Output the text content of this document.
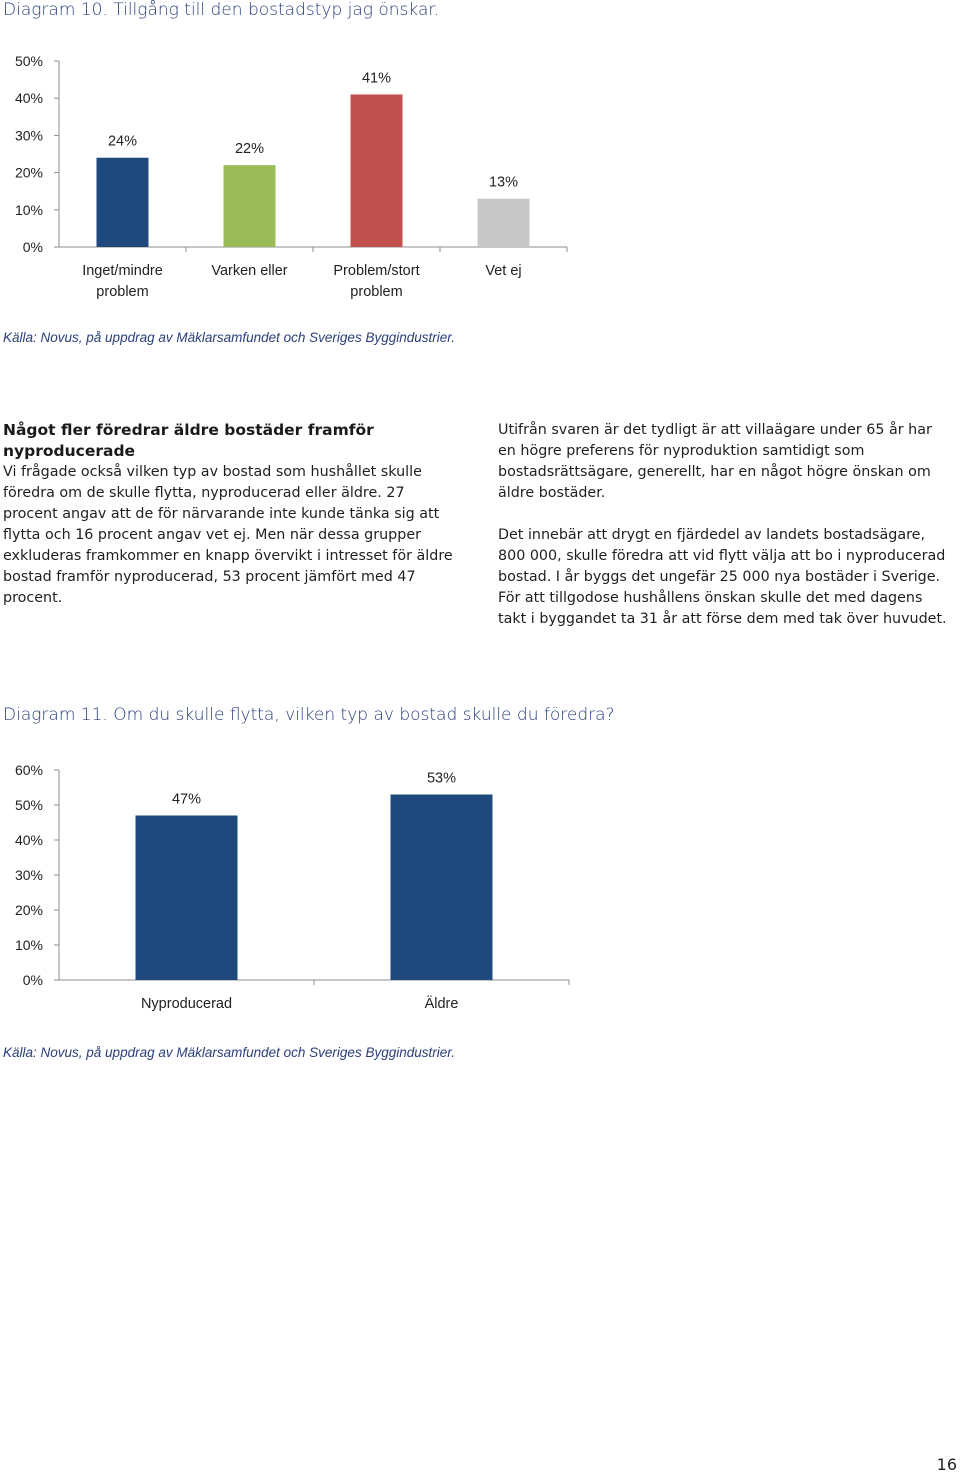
Diagram 10. Tillgång till den bostadstyp jag önskar.
0%
10%
20%
30%
40%
50%
24%
Inget/mindre
problem
22%
Varken eller
41%
Problem/stort
problem
13%
Vet ej

Källa: Novus, på uppdrag av Mäklarsamfundet och Sveriges Byggindustrier.

Något fler föredrar äldre bostäder framför nyproducerade

Vi frågade också vilken typ av bostad som hushållet skulle föredra om de skulle flytta, nyproducerad eller äldre. 27 procent angav att de för närvarande inte kunde tänka sig att flytta och 16 procent angav vet ej. Men när dessa grupper exkluderas framkommer en knapp övervikt i intresset för äldre bostad framför nyproducerad, 53 procent jämfört med 47 procent.

Utifrån svaren är det tydligt är att villaägare under 65 år har en högre preferens för nyproduktion samtidigt som bostadsrättsägare, generellt, har en något högre önskan om äldre bostäder.

Det innebär att drygt en fjärdedel av landets bostadsägare, 800 000, skulle föredra att vid flytt välja att bo i nyproducerad bostad. I år byggs det ungefär 25 000 nya bostäder i Sverige. För att tillgodose hushållens önskan skulle det med dagens takt i byggandet ta 31 år att förse dem med tak över huvudet.

Diagram 11. Om du skulle flytta, vilken typ av bostad skulle du föredra?
0%
10%
20%
30%
40%
50%
60%
47%
Nyproducerad
53%
Äldre

Källa: Novus, på uppdrag av Mäklarsamfundet och Sveriges Byggindustrier.

16
